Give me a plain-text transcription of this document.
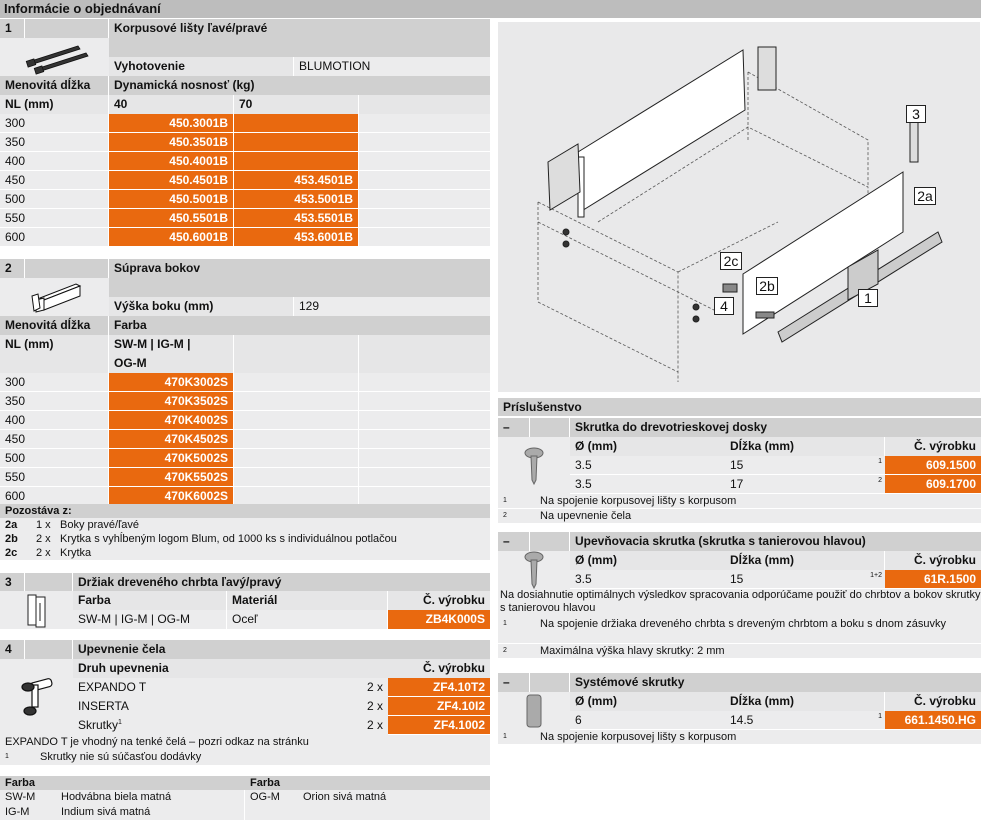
Informácie o objednávaní
1	Korpusové lišty ľavé/pravé
Vyhotovenie	BLUMOTION
Menovitá dĺžka	Dynamická nosnosť (kg)
NL (mm)	40	70
300	450.3001B
350	450.3501B
400	450.4001B
450	450.4501B	453.4501B
500	450.5001B	453.5001B
550	450.5501B	453.5501B
600	450.6001B	453.6001B
2	Súprava bokov
Výška boku (mm)	129
Menovitá dĺžka	Farba
NL (mm)	SW-M | IG-M |
OG-M
300	470K3002S
350	470K3502S
400	470K4002S
450	470K4502S
500	470K5002S
550	470K5502S
600	470K6002S
Pozostáva z:
2a	1 x Boky pravé/ľavé
2b	2 x Krytka s vyhĺbeným logom Blum, od 1000 ks s individuálnou potlačou
2c	2 x Krytka
3	Držiak dreveného chrbta ľavý/pravý
Farba	Materiál	Č. výrobku
SW-M | IG-M | OG-M	Oceľ	ZB4K000S
4	Upevnenie čela
Druh upevnenia	Č. výrobku
EXPANDO T	2 x	ZF4.10T2
INSERTA	2 x	ZF4.10I2
Skrutky$^1$	2 x	ZF4.1002
EXPANDO T je vhodný na tenké čelá – pozri odkaz na stránku
$^1$	Skrutky nie sú súčasťou dodávky
Farba	Farba
SW-M	Hodvábna biela matná	OG-M	Orion sivá matná
IG-M	Indium sivá matná
3
2a
2c
2b
4	1
Príslušenstvo
–	Skrutka do drevotrieskovej dosky
Ø (mm)	Dĺžka (mm)	Č. výrobku
3.5	15	1	609.1500
3.5	17	2	609.1700
$^1$	Na spojenie korpusovej lišty s korpusom
$^2$	Na upevnenie čela
–	Upevňovacia skrutka (skrutka s tanierovou hlavou)
Ø (mm)	Dĺžka (mm)	Č. výrobku
3.5	15	1+2	61R.1500
Na dosiahnutie optimálnych výsledkov spracovania odporúčame použiť do chrbtov a bokov skrutky s tanierovou hlavou
$^1$	Na spojenie držiaka dreveného chrbta s dreveným chrbtom a boku s dnom zásuvky
$^2$	Maximálna výška hlavy skrutky: 2 mm
–	Systémové skrutky
Ø (mm)	Dĺžka (mm)	Č. výrobku
6	14.5	1	661.1450.HG
$^1$	Na spojenie korpusovej lišty s korpusom
